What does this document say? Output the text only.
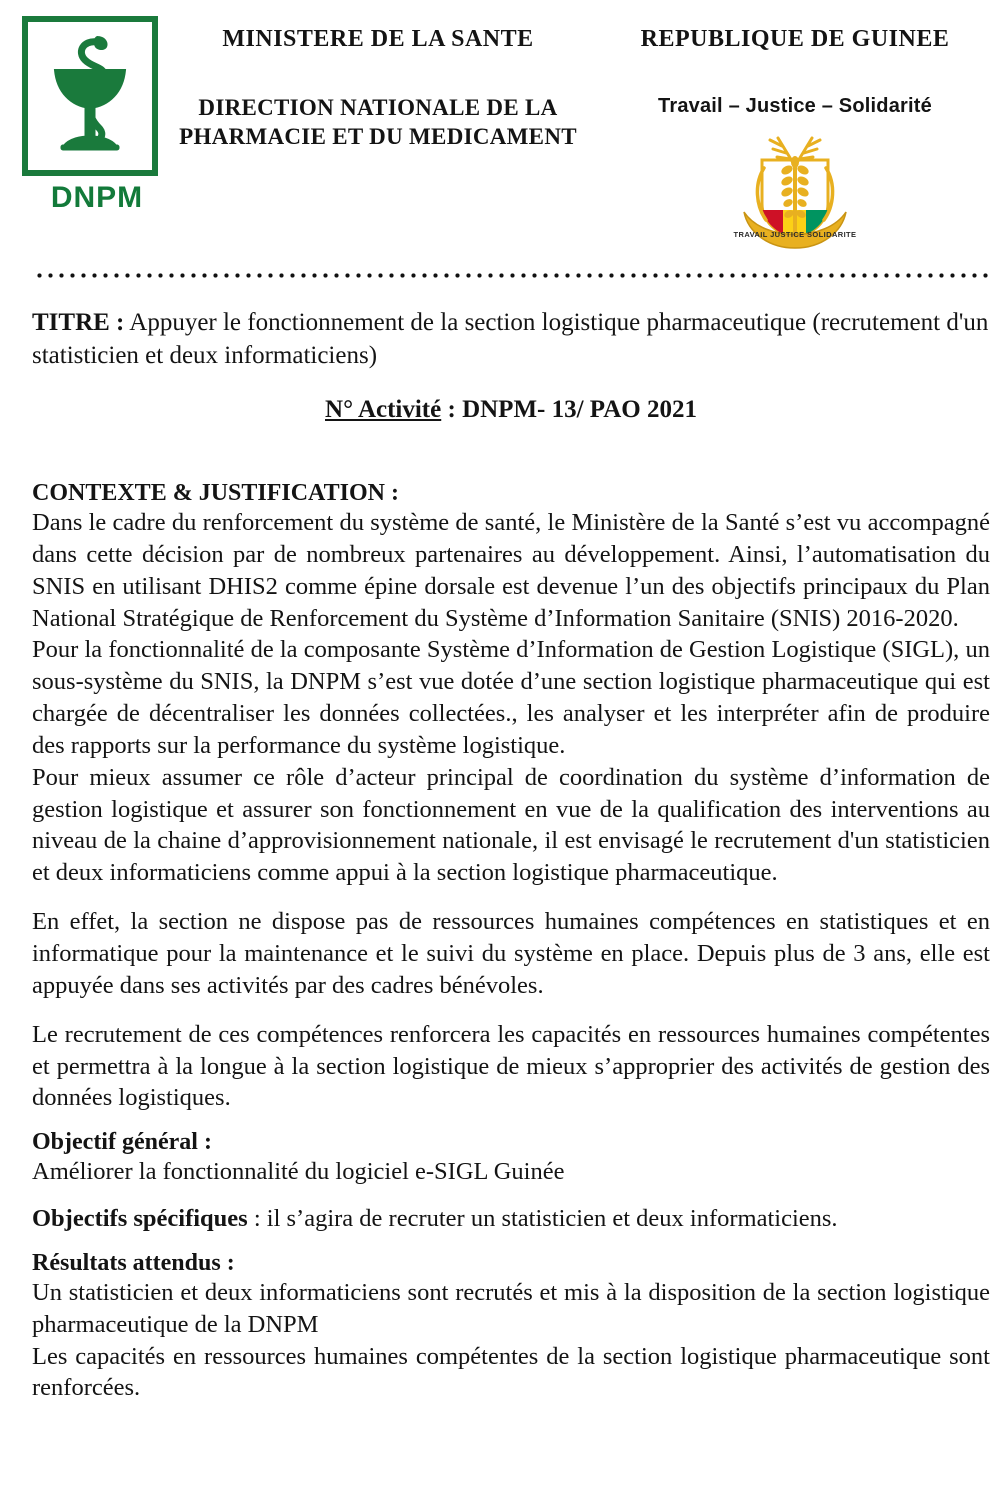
DNPM
MINISTERE DE LA SANTE
DIRECTION NATIONALE DE LA
PHARMACIE ET DU MEDICAMENT
REPUBLIQUE DE GUINEE
Travail – Justice – Solidarité
TRAVAIL JUSTICE SOLIDARITE
TITRE : Appuyer le fonctionnement de la section logistique pharmaceutique (recrutement d'un statisticien et deux informaticiens)
N° Activité : DNPM- 13/ PAO 2021
CONTEXTE & JUSTIFICATION :

Dans le cadre du renforcement du système de santé, le Ministère de la Santé s’est vu accompagné dans cette décision par de nombreux partenaires au développement. Ainsi, l’automatisation du SNIS en utilisant DHIS2 comme épine dorsale est devenue l’un des objectifs principaux du Plan National Stratégique de Renforcement du Système d’Information Sanitaire (SNIS) 2016-2020.

Pour la fonctionnalité de la composante Système d’Information de Gestion Logistique (SIGL), un sous-système du SNIS, la DNPM s’est vue dotée d’une section logistique pharmaceutique qui est chargée de décentraliser les données collectées., les analyser et les interpréter afin de produire des rapports sur la performance du système logistique.

Pour mieux assumer ce rôle d’acteur principal de coordination du système d’information de gestion logistique et assurer son fonctionnement en vue de la qualification des interventions au niveau de la chaine d’approvisionnement nationale, il est envisagé le recrutement d'un statisticien et deux informaticiens comme appui à la section logistique pharmaceutique.

En effet, la section ne dispose pas de ressources humaines compétences en statistiques et en informatique pour la maintenance et le suivi du système en place. Depuis plus de 3 ans, elle est appuyée dans ses activités par des cadres bénévoles.

Le recrutement de ces compétences renforcera les capacités en ressources humaines compétentes et permettra à la longue à la section logistique de mieux s’approprier des activités de gestion des données logistiques.

Objectif général :
Améliorer la fonctionnalité du logiciel e-SIGL Guinée
Objectifs spécifiques : il s’agira de recruter un statisticien et deux informaticiens.
Résultats attendus :

Un statisticien et deux informaticiens sont recrutés et mis à la disposition de la section logistique pharmaceutique de la DNPM

Les capacités en ressources humaines compétentes de la section logistique pharmaceutique sont renforcées.
